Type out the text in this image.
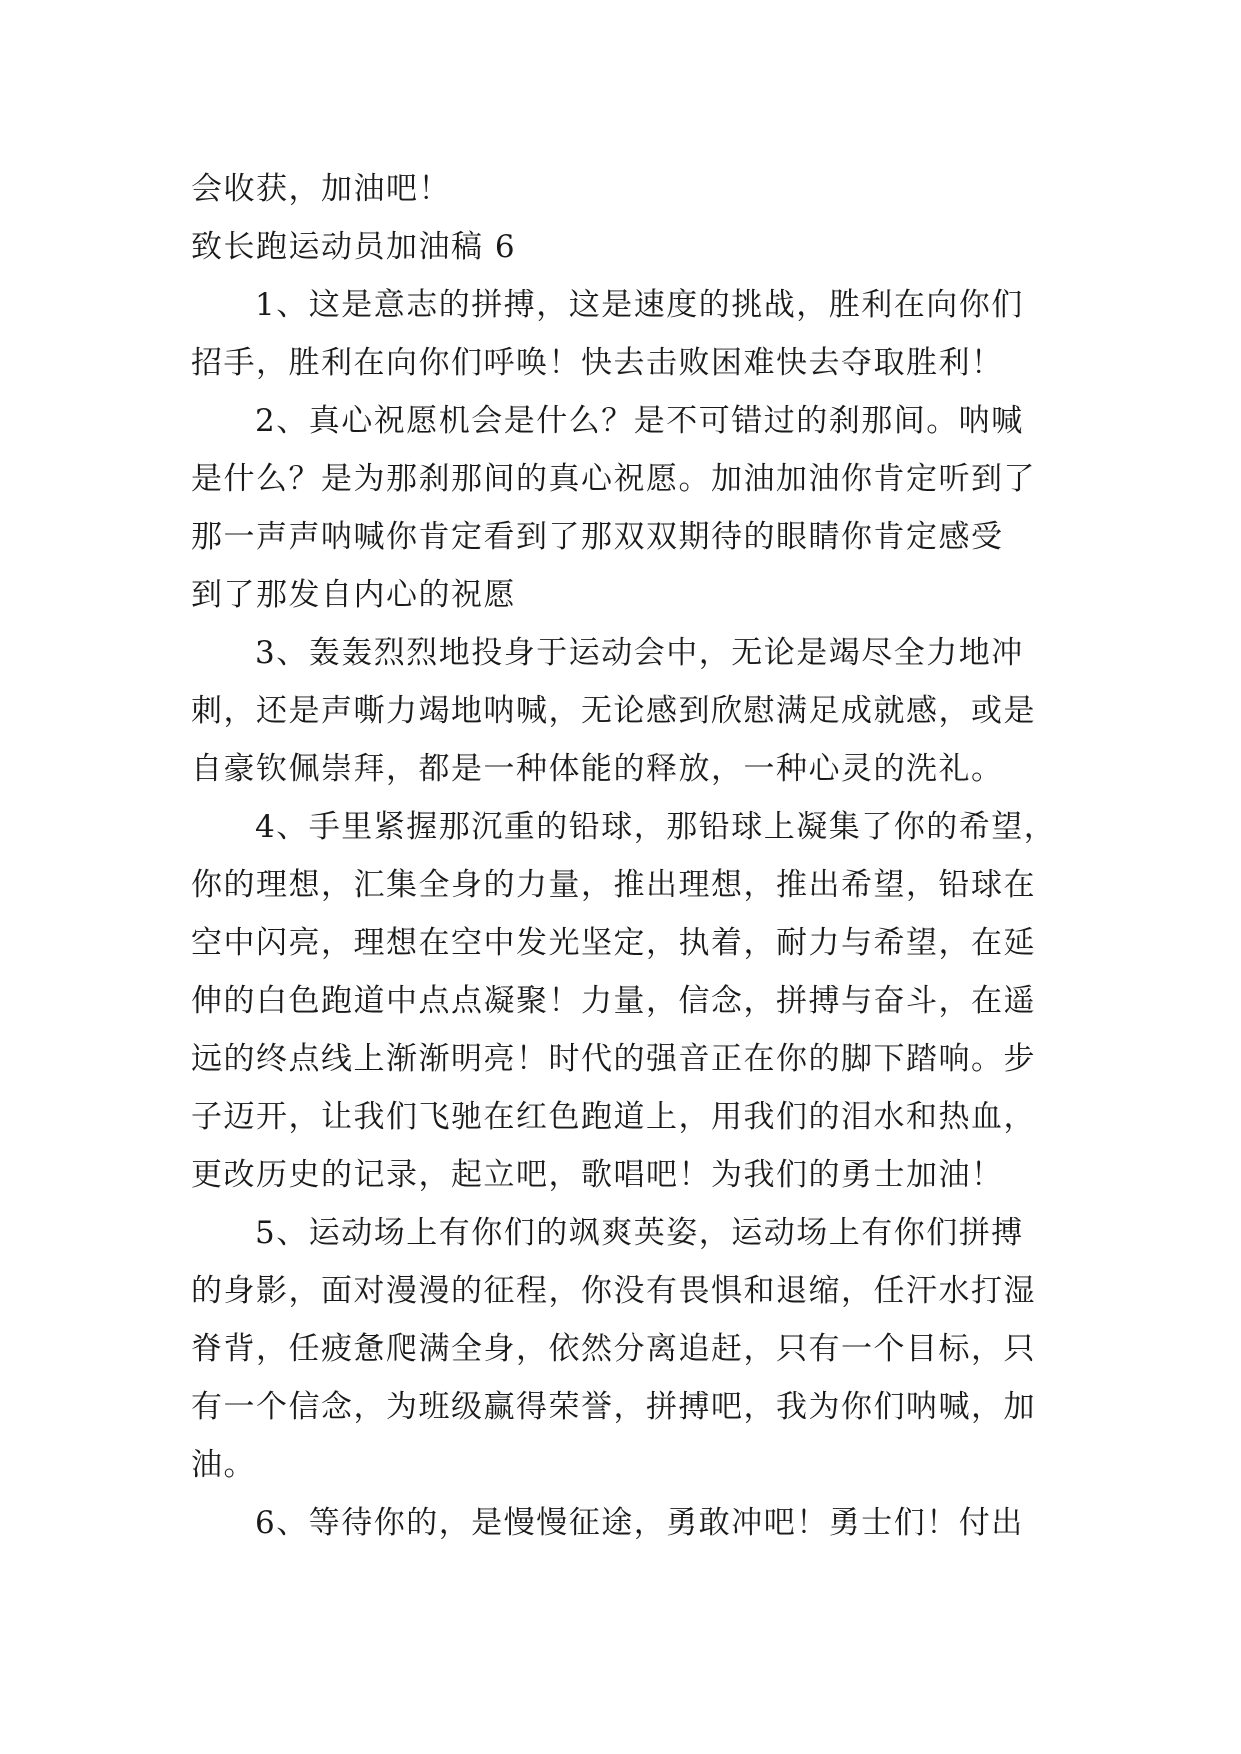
会收获，加油吧！
致长跑运动员加油稿 6
1、这是意志的拼搏，这是速度的挑战，胜利在向你们
招手，胜利在向你们呼唤！快去击败困难快去夺取胜利！
2、真心祝愿机会是什么？是不可错过的刹那间。呐喊
是什么？是为那刹那间的真心祝愿。加油加油你肯定听到了
那一声声呐喊你肯定看到了那双双期待的眼睛你肯定感受
到了那发自内心的祝愿
3、轰轰烈烈地投身于运动会中，无论是竭尽全力地冲
刺，还是声嘶力竭地呐喊，无论感到欣慰满足成就感，或是
自豪钦佩崇拜，都是一种体能的释放，一种心灵的洗礼。
4、手里紧握那沉重的铅球，那铅球上凝集了你的希望，
你的理想，汇集全身的力量，推出理想，推出希望，铅球在
空中闪亮，理想在空中发光坚定，执着，耐力与希望，在延
伸的白色跑道中点点凝聚！力量，信念，拼搏与奋斗，在遥
远的终点线上渐渐明亮！时代的强音正在你的脚下踏响。步
子迈开，让我们飞驰在红色跑道上，用我们的泪水和热血，
更改历史的记录，起立吧，歌唱吧！为我们的勇士加油！
5、运动场上有你们的飒爽英姿，运动场上有你们拼搏
的身影，面对漫漫的征程，你没有畏惧和退缩，任汗水打湿
脊背，任疲惫爬满全身，依然分离追赶，只有一个目标，只
有一个信念，为班级赢得荣誉，拼搏吧，我为你们呐喊，加
油。
6、等待你的，是慢慢征途，勇敢冲吧！勇士们！付出
